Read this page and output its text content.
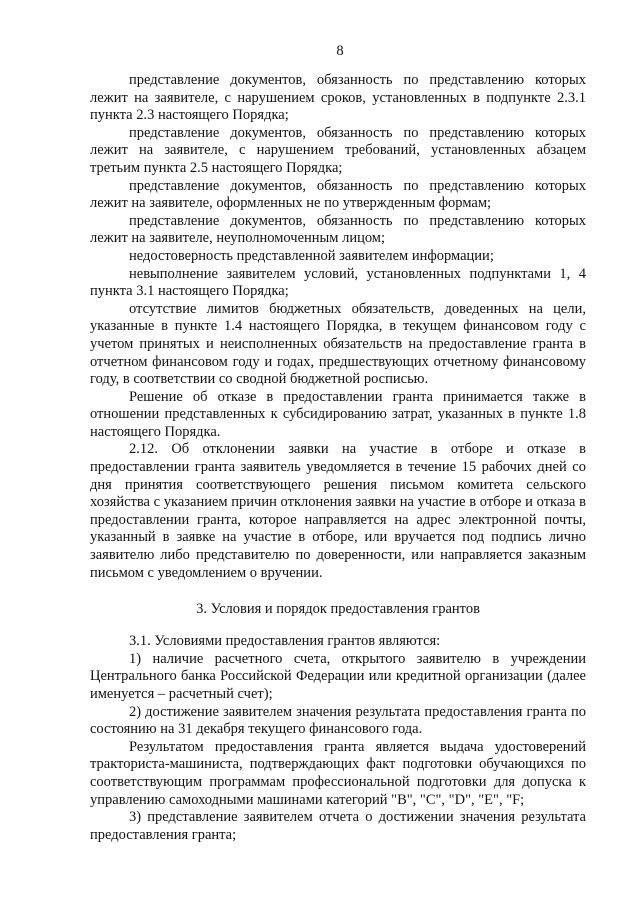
8

представление документов, обязанность по представлению которых лежит на заявителе, с нарушением сроков, установленных в подпункте 2.3.1 пункта 2.3 настоящего Порядка;

представление документов, обязанность по представлению которых лежит на заявителе, с нарушением требований, установленных абзацем третьим пункта 2.5 настоящего Порядка;

представление документов, обязанность по представлению которых лежит на заявителе, оформленных не по утвержденным формам;

представление документов, обязанность по представлению которых лежит на заявителе, неуполномоченным лицом;

недостоверность представленной заявителем информации;

невыполнение заявителем условий, установленных подпунктами 1, 4 пункта 3.1 настоящего Порядка;

отсутствие лимитов бюджетных обязательств, доведенных на цели, указанные в пункте 1.4 настоящего Порядка, в текущем финансовом году с учетом принятых и неисполненных обязательств на предоставление гранта в отчетном финансовом году и годах, предшествующих отчетному финансовому году, в соответствии со сводной бюджетной росписью.

Решение об отказе в предоставлении гранта принимается также в отношении представленных к субсидированию затрат, указанных в пункте 1.8 настоящего Порядка.

2.12. Об отклонении заявки на участие в отборе и отказе в предоставлении гранта заявитель уведомляется в течение 15 рабочих дней со дня принятия соответствующего решения письмом комитета сельского хозяйства с указанием причин отклонения заявки на участие в отборе и отказа в предоставлении гранта, которое направляется на адрес электронной почты, указанный в заявке на участие в отборе, или вручается под подпись лично заявителю либо представителю по доверенности, или направляется заказным письмом с уведомлением о вручении.

3. Условия и порядок предоставления грантов

3.1. Условиями предоставления грантов являются:

1) наличие расчетного счета, открытого заявителю в учреждении Центрального банка Российской Федерации или кредитной организации (далее именуется – расчетный счет);

2) достижение заявителем значения результата предоставления гранта по состоянию на 31 декабря текущего финансового года.

Результатом предоставления гранта является выдача удостоверений тракториста-машиниста, подтверждающих факт подготовки обучающихся по соответствующим программам профессиональной подготовки для допуска к управлению самоходными машинами категорий "B", "C", "D", "E", "F;

3) представление заявителем отчета о достижении значения результата предоставления гранта;
